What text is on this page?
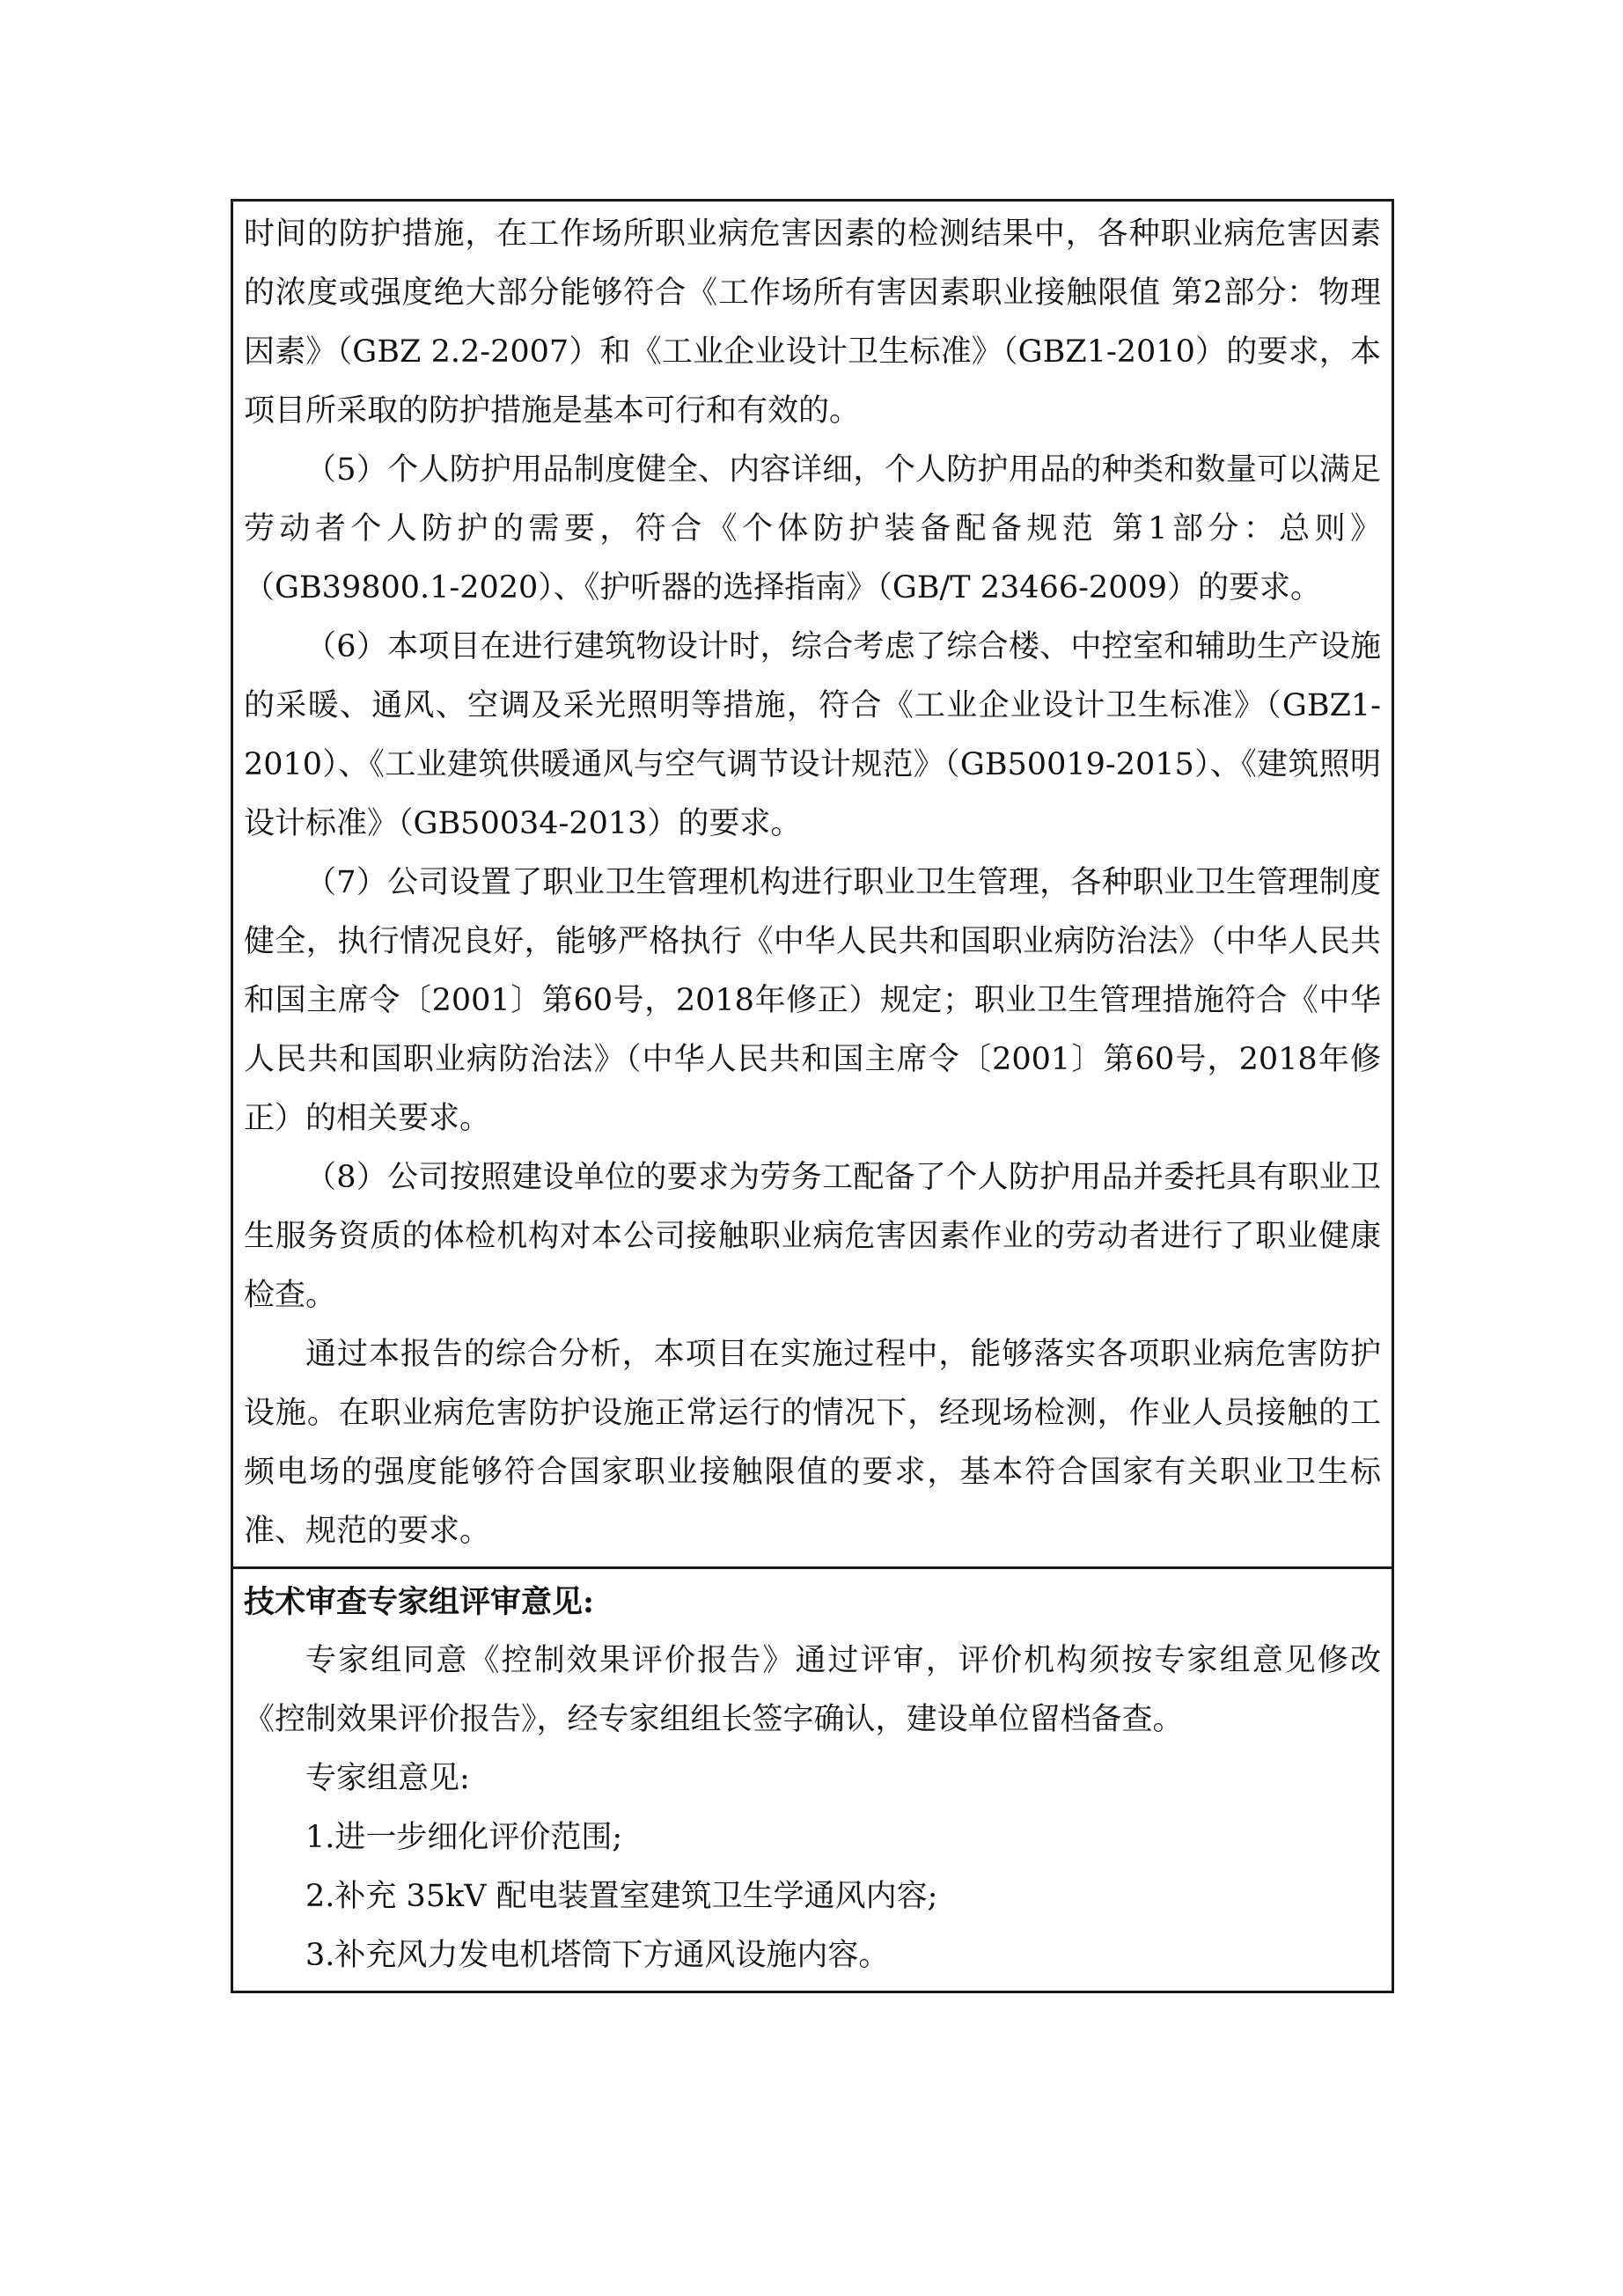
时间的防护措施，在工作场所职业病危害因素的检测结果中，各种职业病危害因素的浓度或强度绝大部分能够符合《工作场所有害因素职业接触限值 第2部分：物理因素》（GBZ 2.2-2007）和《工业企业设计卫生标准》（GBZ1-2010）的要求，本项目所采取的防护措施是基本可行和有效的。

（5）个人防护用品制度健全、内容详细，个人防护用品的种类和数量可以满足劳动者个人防护的需要，符合《个体防护装备配备规范 第1部分：总则》（GB39800.1-2020）、《护听器的选择指南》（GB/T 23466-2009）的要求。

（6）本项目在进行建筑物设计时，综合考虑了综合楼、中控室和辅助生产设施的采暖、通风、空调及采光照明等措施，符合《工业企业设计卫生标准》（GBZ1-2010）、《工业建筑供暖通风与空气调节设计规范》（GB50019-2015）、《建筑照明设计标准》（GB50034-2013）的要求。

（7）公司设置了职业卫生管理机构进行职业卫生管理，各种职业卫生管理制度健全，执行情况良好，能够严格执行《中华人民共和国职业病防治法》（中华人民共和国主席令〔2001〕第60号，2018年修正）规定；职业卫生管理措施符合《中华人民共和国职业病防治法》（中华人民共和国主席令〔2001〕第60号，2018年修正）的相关要求。

（8）公司按照建设单位的要求为劳务工配备了个人防护用品并委托具有职业卫生服务资质的体检机构对本公司接触职业病危害因素作业的劳动者进行了职业健康检查。

通过本报告的综合分析，本项目在实施过程中，能够落实各项职业病危害防护设施。在职业病危害防护设施正常运行的情况下，经现场检测，作业人员接触的工频电场的强度能够符合国家职业接触限值的要求，基本符合国家有关职业卫生标准、规范的要求。

技术审查专家组评审意见:

专家组同意《控制效果评价报告》通过评审，评价机构须按专家组意见修改《控制效果评价报告》，经专家组组长签字确认，建设单位留档备查。

专家组意见:

1.进一步细化评价范围;

2.补充 35kV 配电装置室建筑卫生学通风内容;

3.补充风力发电机塔筒下方通风设施内容。
